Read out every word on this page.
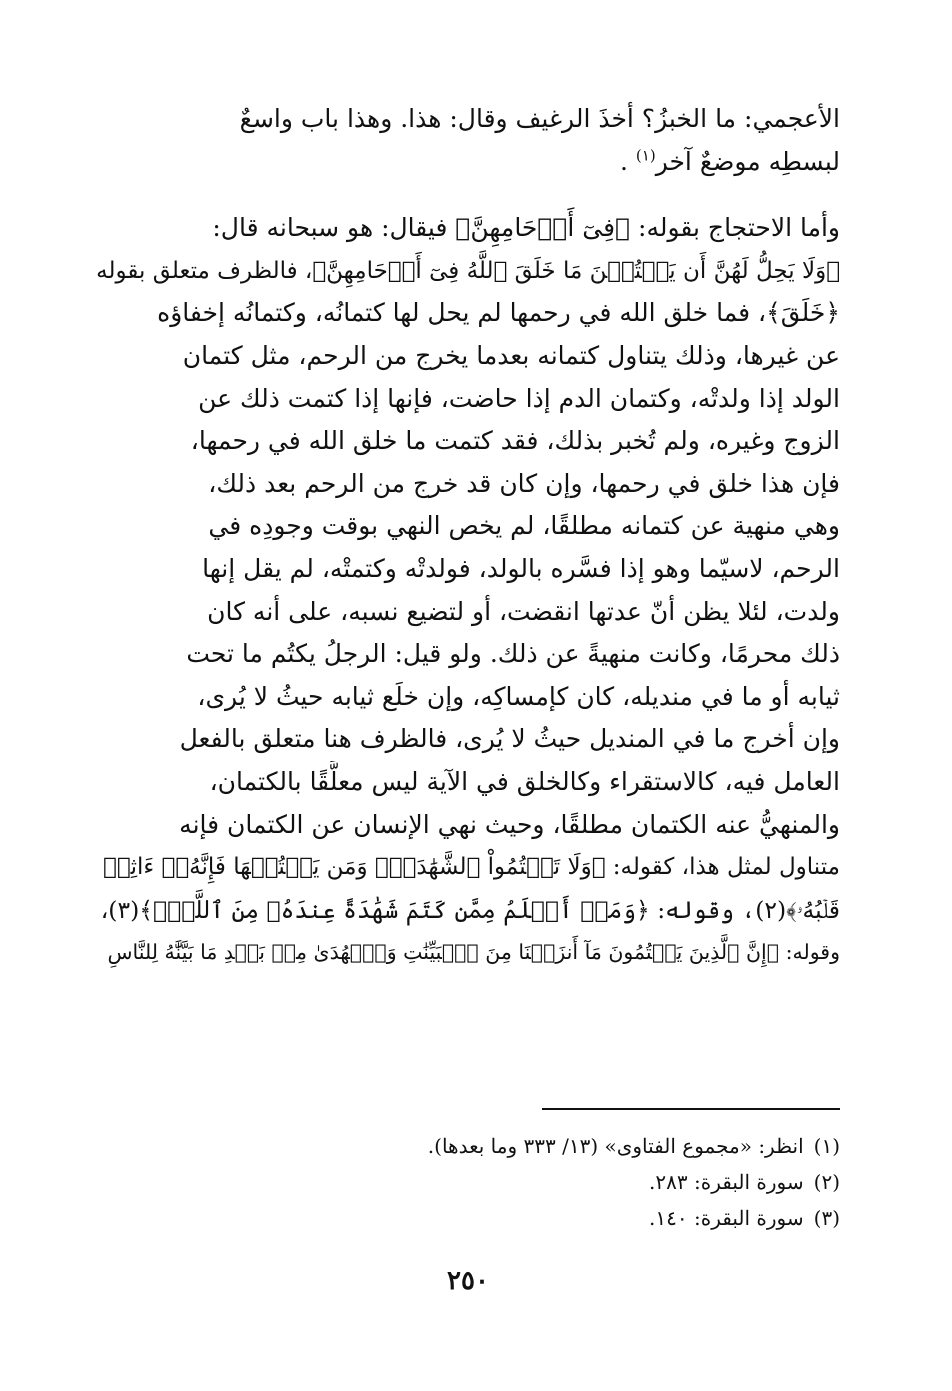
الأعجمي: ما الخبزُ؟ أخذَ الرغيف وقال: هذا. وهذا باب واسعٌ
لبسطِه موضعٌ آخر$^{(١)}$ .

وأما الاحتجاج بقوله: ﴿فِىٓ أَرۡحَامِهِنَّ﴾ فيقال: هو سبحانه قال:
﴿وَلَا يَحِلُّ لَهُنَّ أَن يَكۡتُمۡنَ مَا خَلَقَ ٱللَّهُ فِىٓ أَرۡحَامِهِنَّ﴾، فالظرف متعلق بقوله
﴿خَلَقَ﴾، فما خلق الله في رحمها لم يحل لها كتمانُه، وكتمانُه إخفاؤه
عن غيرها، وذلك يتناول كتمانه بعدما يخرج من الرحم، مثل كتمان
الولد إذا ولدتْه، وكتمان الدم إذا حاضت، فإنها إذا كتمت ذلك عن
الزوج وغيره، ولم تُخبر بذلك، فقد كتمت ما خلق الله في رحمها،
فإن هذا خلق في رحمها، وإن كان قد خرج من الرحم بعد ذلك،
وهي منهية عن كتمانه مطلقًا، لم يخص النهي بوقت وجودِه في
الرحم، لاسيّما وهو إذا فسَّره بالولد، فولدتْه وكتمتْه، لم يقل إنها
ولدت، لئلا يظن أنّ عدتها انقضت، أو لتضيع نسبه، على أنه كان
ذلك محرمًا، وكانت منهيةً عن ذلك. ولو قيل: الرجلُ يكتُم ما تحت
ثيابه أو ما في منديله، كان كإمساكِه، وإن خلَع ثيابه حيثُ لا يُرى،
وإن أخرج ما في المنديل حيثُ لا يُرى، فالظرف هنا متعلق بالفعل
العامل فيه، كالاستقراء وكالخلق في الآية ليس معلَّقًا بالكتمان،
والمنهيُّ عنه الكتمان مطلقًا، وحيث نهي الإنسان عن الكتمان فإنه
متناول لمثل هذا، كقوله: ﴿وَلَا تَكۡتُمُواْ ٱلشَّهَٰدَةَۚ وَمَن يَكۡتُمۡهَا فَإِنَّهُۥٓ ءَاثِمٞ
قَلۡبُهُۥ﴾(٢)، وقوله: ﴿وَمَنۡ أَظۡلَمُ مِمَّن كَتَمَ شَهَٰدَةً عِندَهُۥ مِنَ ٱللَّهِۗ﴾(٣)،
وقوله: ﴿إِنَّ ٱلَّذِينَ يَكۡتُمُونَ مَآ أَنزَلۡنَا مِنَ ٱلۡبَيِّنَٰتِ وَٱلۡهُدَىٰ مِنۢ بَعۡدِ مَا بَيَّنَّٰهُ لِلنَّاسِ

(١)انظر: «مجموع الفتاوى» (١٣/ ٣٣٣ وما بعدها).
(٢)سورة البقرة: ٢٨٣.
(٣)سورة البقرة: ١٤٠.
٢٥٠
